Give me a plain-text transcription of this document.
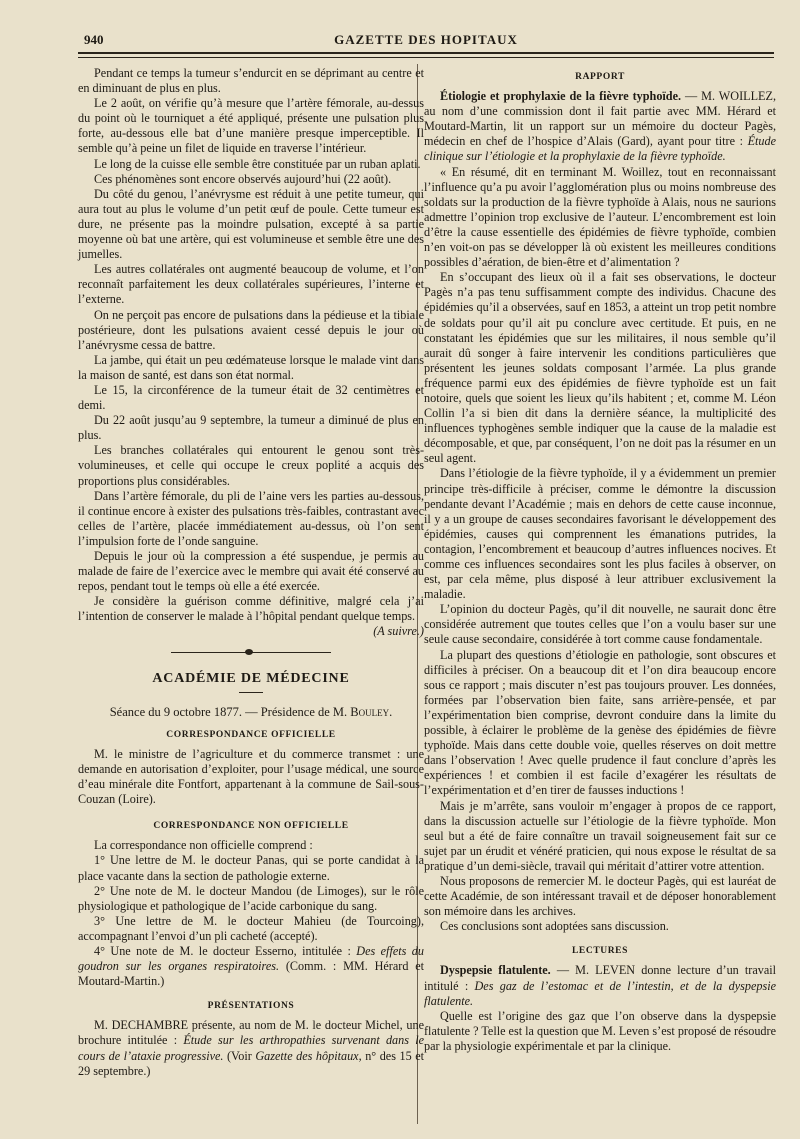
940	GAZETTE DES HOPITAUX

Pendant ce temps la tumeur s’endurcit en se déprimant au centre et en diminuant de plus en plus.

Le 2 août, on vérifie qu’à mesure que l’artère fémorale, au-dessus du point où le tourniquet a été appliqué, présente une pulsation plus forte, au-dessous elle bat d’une manière presque imperceptible. Il semble qu’à peine un filet de liquide en traverse l’intérieur.

Le long de la cuisse elle semble être constituée par un ruban aplati.

Ces phénomènes sont encore observés aujourd’hui (22 août).

Du côté du genou, l’anévrysme est réduit à une petite tumeur, qui aura tout au plus le volume d’un petit œuf de poule. Cette tumeur est dure, ne présente pas la moindre pulsation, excepté à sa partie moyenne où bat une artère, qui est volumineuse et semble être une des jumelles.

Les autres collatérales ont augmenté beaucoup de volume, et l’on reconnaît parfaitement les deux collatérales supérieures, l’interne et l’externe.

On ne perçoit pas encore de pulsations dans la pédieuse et la tibiale postérieure, dont les pulsations avaient cessé depuis le jour où l’anévrysme cessa de battre.

La jambe, qui était un peu œdémateuse lorsque le malade vint dans la maison de santé, est dans son état normal.

Le 15, la circonférence de la tumeur était de 32 centimètres et demi.

Du 22 août jusqu’au 9 septembre, la tumeur a diminué de plus en plus.

Les branches collatérales qui entourent le genou sont très-volumineuses, et celle qui occupe le creux poplité a acquis des proportions plus considérables.

Dans l’artère fémorale, du pli de l’aine vers les parties au-dessous, il continue encore à exister des pulsations très-faibles, contrastant avec celles de l’artère, placée immédiatement au-dessus, où l’on sent l’impulsion forte de l’onde sanguine.

Depuis le jour où la compression a été suspendue, je permis au malade de faire de l’exercice avec le membre qui avait été conservé au repos, pendant tout le temps où elle a été exercée.

Je considère la guérison comme définitive, malgré cela j’ai l’intention de conserver le malade à l’hôpital pendant quelque temps.

(A suivre.)

ACADÉMIE DE MÉDECINE
Séance du 9 octobre 1877. — Présidence de M. Bouley.
CORRESPONDANCE OFFICIELLE

M. le ministre de l’agriculture et du commerce transmet : une demande en autorisation d’exploiter, pour l’usage médical, une source d’eau minérale dite Fontfort, appartenant à la commune de Sail-sous-Couzan (Loire).

CORRESPONDANCE NON OFFICIELLE

La correspondance non officielle comprend :

1° Une lettre de M. le docteur Panas, qui se porte candidat à la place vacante dans la section de pathologie externe.

2° Une note de M. le docteur Mandou (de Limoges), sur le rôle physiologique et pathologique de l’acide carbonique du sang.

3° Une lettre de M. le docteur Mahieu (de Tourcoing), accompagnant l’envoi d’un pli cacheté (accepté).

4° Une note de M. le docteur Esserno, intitulée : Des effets du goudron sur les organes respiratoires. (Comm. : MM. Hérard et Moutard-Martin.)

PRÉSENTATIONS

M. DECHAMBRE présente, au nom de M. le docteur Michel, une brochure intitulée : Étude sur les arthropathies survenant dans le cours de l’ataxie progressive. (Voir Gazette des hôpitaux, n° des 15 et 29 septembre.)

RAPPORT

Étiologie et prophylaxie de la fièvre typhoïde. — M. WOILLEZ, au nom d’une commission dont il fait partie avec MM. Hérard et Moutard-Martin, lit un rapport sur un mémoire du docteur Pagès, médecin en chef de l’hospice d’Alais (Gard), ayant pour titre : Étude clinique sur l’étiologie et la prophylaxie de la fièvre typhoïde.

« En résumé, dit en terminant M. Woillez, tout en reconnaissant l’influence qu’a pu avoir l’agglomération plus ou moins nombreuse des soldats sur la production de la fièvre typhoïde à Alais, nous ne saurions admettre l’opinion trop exclusive de l’auteur. L’encombrement est loin d’être la cause essentielle des épidémies de fièvre typhoïde, combien n’en voit-on pas se développer là où existent les meilleures conditions possibles d’aération, de bien-être et d’alimentation ?

En s’occupant des lieux où il a fait ses observations, le docteur Pagès n’a pas tenu suffisamment compte des individus. Chacune des épidémies qu’il a observées, sauf en 1853, a atteint un trop petit nombre de soldats pour qu’il ait pu conclure avec certitude. Et puis, en ne constatant les épidémies que sur les militaires, il nous semble qu’il aurait dû songer à faire intervenir les conditions particulières que présentent les jeunes soldats composant l’armée. La plus grande fréquence parmi eux des épidémies de fièvre typhoïde est un fait notoire, quels que soient les lieux qu’ils habitent ; et, comme M. Léon Collin l’a si bien dit dans la dernière séance, la multiplicité des influences typhogènes semble indiquer que la cause de la maladie est décomposable, et que, par conséquent, l’on ne doit pas la résumer en un seul agent.

Dans l’étiologie de la fièvre typhoïde, il y a évidemment un premier principe très-difficile à préciser, comme le démontre la discussion pendante devant l’Académie ; mais en dehors de cette cause inconnue, il y a un groupe de causes secondaires favorisant le développement des épidémies, causes qui comprennent les émanations putrides, la contagion, l’encombrement et beaucoup d’autres influences nocives. Et comme ces influences secondaires sont les plus faciles à observer, on est, par cela même, plus disposé à leur attribuer exclusivement la maladie.

L’opinion du docteur Pagès, qu’il dit nouvelle, ne saurait donc être considérée autrement que toutes celles que l’on a voulu baser sur une seule cause secondaire, considérée à tort comme cause fondamentale.

La plupart des questions d’étiologie en pathologie, sont obscures et difficiles à préciser. On a beaucoup dit et l’on dira beaucoup encore sous ce rapport ; mais discuter n’est pas toujours prouver. Les données, formées par l’observation bien faite, sans arrière-pensée, et par l’expérimentation bien comprise, devront conduire dans la limite du possible, à éclairer le problème de la genèse des épidémies de fièvre typhoïde. Mais dans cette double voie, quelles réserves on doit mettre dans l’observation ! Avec quelle prudence il faut conclure d’après les expériences ! et combien il est facile d’exagérer les résultats de l’expérimentation et d’en tirer de fausses inductions !

Mais je m’arrête, sans vouloir m’engager à propos de ce rapport, dans la discussion actuelle sur l’étiologie de la fièvre typhoïde. Mon seul but a été de faire connaître un travail soigneusement fait sur ce sujet par un érudit et vénéré praticien, qui nous expose le résultat de sa pratique d’un demi-siècle, travail qui méritait d’attirer votre attention.

Nous proposons de remercier M. le docteur Pagès, qui est lauréat de cette Académie, de son intéressant travail et de déposer honorablement son mémoire dans les archives.

Ces conclusions sont adoptées sans discussion.

LECTURES

Dyspepsie flatulente. — M. LEVEN donne lecture d’un travail intitulé : Des gaz de l’estomac et de l’intestin, et de la dyspepsie flatulente.

Quelle est l’origine des gaz que l’on observe dans la dyspepsie flatulente ? Telle est la question que M. Leven s’est proposé de résoudre par la physiologie expérimentale et par la clinique.
